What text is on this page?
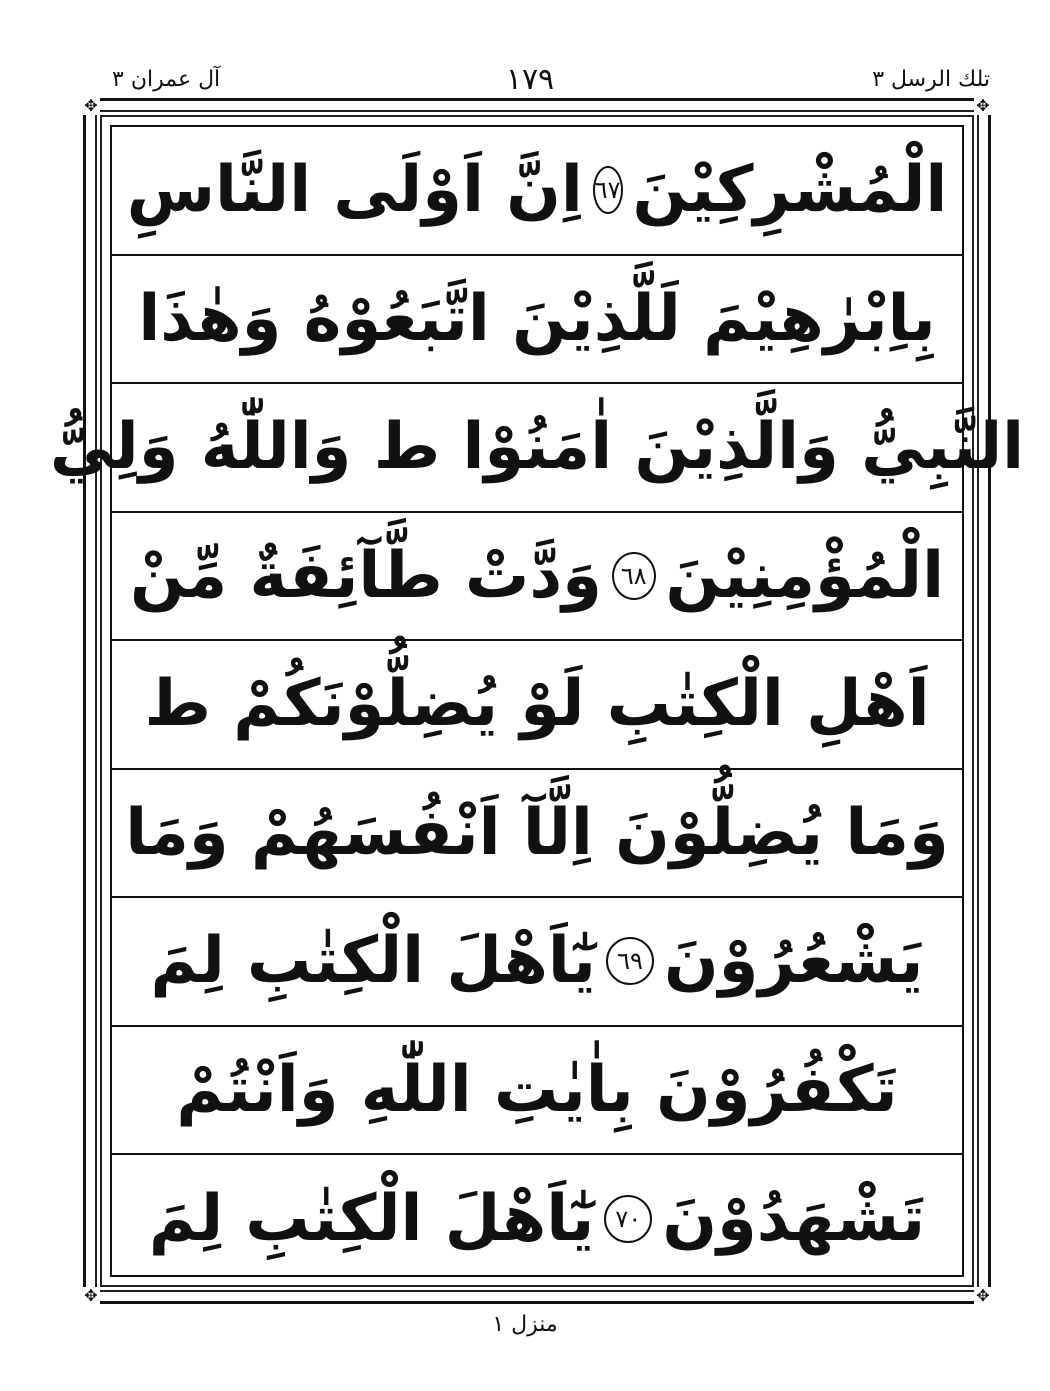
تلك الرسل ٣
١٧٩
آل عمران ٣
✥	✥
✥	✥
الْمُشْرِكِيْنَ
٦٧
اِنَّ اَوْلَى النَّاسِ
بِاِبْرٰهِيْمَ لَلَّذِيْنَ اتَّبَعُوْهُ وَهٰذَا
النَّبِيُّ وَالَّذِيْنَ اٰمَنُوْا ط وَاللّٰهُ وَلِيُّ
الْمُؤْمِنِيْنَ
٦٨
وَدَّتْ طَّآئِفَةٌ مِّنْ
اَهْلِ الْكِتٰبِ لَوْ يُضِلُّوْنَكُمْ ط
وَمَا يُضِلُّوْنَ اِلَّآ اَنْفُسَهُمْ وَمَا
يَشْعُرُوْنَ
٦٩
يٰٓاَهْلَ الْكِتٰبِ لِمَ
تَكْفُرُوْنَ بِاٰيٰتِ اللّٰهِ وَاَنْتُمْ
تَشْهَدُوْنَ
٧٠
يٰٓاَهْلَ الْكِتٰبِ لِمَ
منزل ١
